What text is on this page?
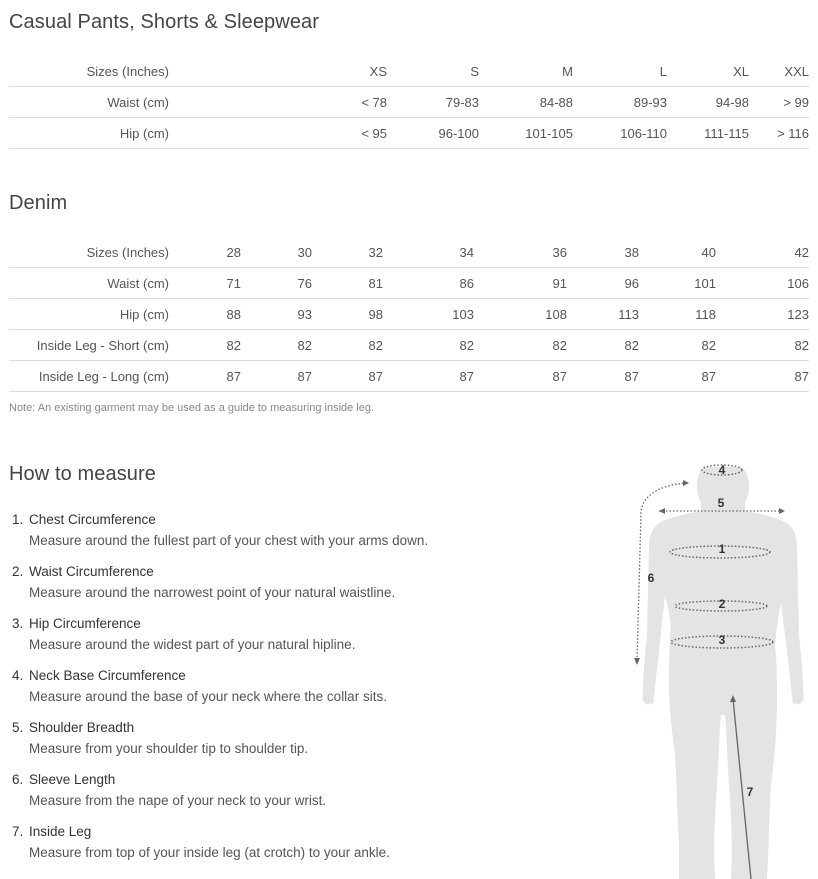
Casual Pants, Shorts & Sleepwear
Sizes (Inches)	XS	S	M	L	XL	XXL
Waist (cm)	< 78	79-83	84-88	89-93	94-98	> 99
Hip (cm)	< 95	96-100	101-105	106-110	111-115	> 116
Denim
Sizes (Inches)	28	30	32	34	36	38	40	42
Waist (cm)	71	76	81	86	91	96	101	106
Hip (cm)	88	93	98	103	108	113	118	123
Inside Leg - Short (cm)	82	82	82	82	82	82	82	82
Inside Leg - Long (cm)	87	87	87	87	87	87	87	87
Note: An existing garment may be used as a guide to measuring inside leg.
How to measure
1. Chest Circumference
Measure around the fullest part of your chest with your arms down.
2. Waist Circumference
Measure around the narrowest point of your natural waistline.
3. Hip Circumference
Measure around the widest part of your natural hipline.
4. Neck Base Circumference
Measure around the base of your neck where the collar sits.
5. Shoulder Breadth
Measure from your shoulder tip to shoulder tip.
6. Sleeve Length
Measure from the nape of your neck to your wrist.
7. Inside Leg
Measure from top of your inside leg (at crotch) to your ankle.
4
5
1
6
2
3
7
